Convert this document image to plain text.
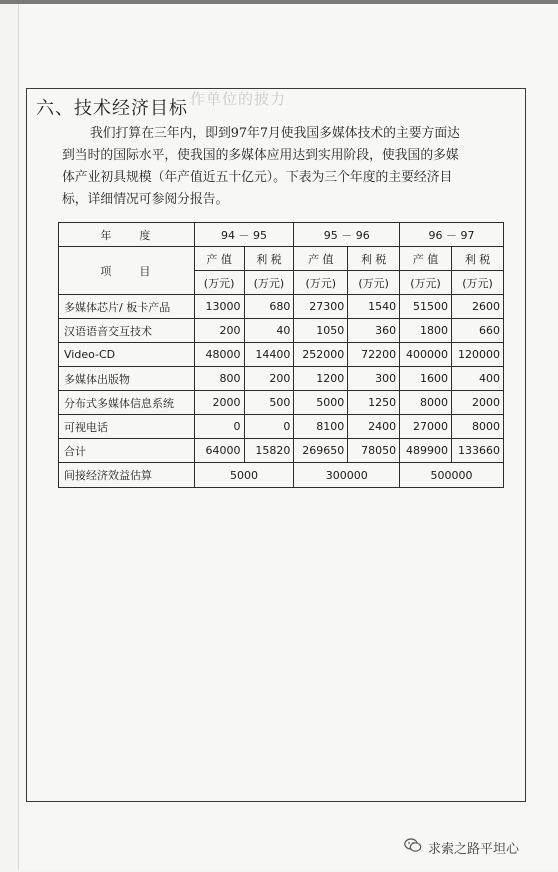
作单位的披力
六、技术经济目标
我们打算在三年内，即到97年7月使我国多媒体技术的主要方面达
到当时的国际水平，使我国的多媒体应用达到实用阶段，使我国的多媒
体产业初具规模（年产值近五十亿元）。下表为三个年度的主要经济目
标，详细情况可参阅分报告。
年　　度	94 － 95		95 － 96		96 － 97	
项　　目	产 值	利 税	产 值	利 税	产 值	利 税
	(万元)	(万元)	(万元)	(万元)	(万元)	(万元)
多媒体芯片/ 板卡产品	13000	680	27300	1540	51500	2600
汉语语音交互技术	200	40	1050	360	1800	660
Video-CD	48000	14400	252000	72200	400000	120000
多媒体出版物	800	200	1200	300	1600	400
分布式多媒体信息系统	2000	500	5000	1250	8000	2000
可视电话	0	0	8100	2400	27000	8000
合计	64000	15820	269650	78050	489900	133660
间接经济效益估算	5000		300000		500000	
求索之路平坦心
